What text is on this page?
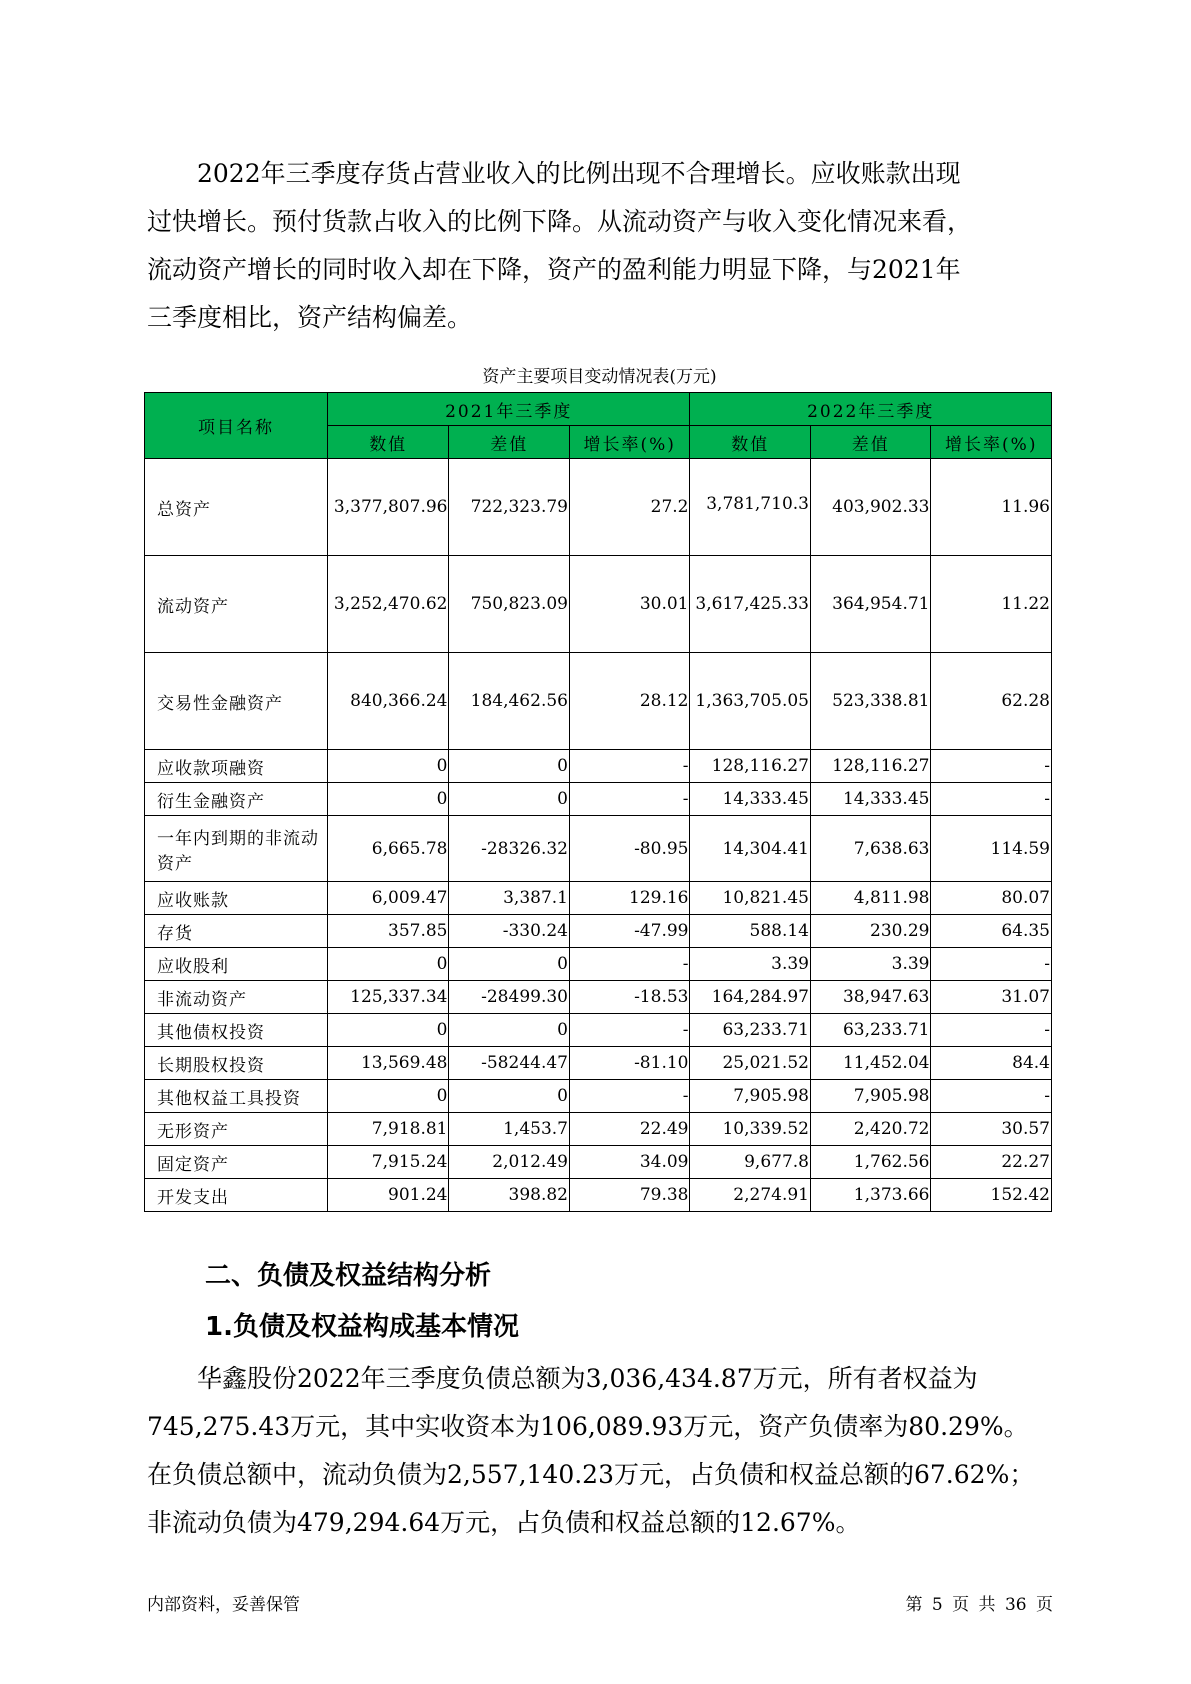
2022年三季度存货占营业收入的比例出现不合理增长。应收账款出现
过快增长。预付货款占收入的比例下降。从流动资产与收入变化情况来看，
流动资产增长的同时收入却在下降，资产的盈利能力明显下降，与2021年
三季度相比，资产结构偏差。

资产主要项目变动情况表(万元)
项目名称	2021年三季度			2022年三季度		
	数值	差值	增长率(%)	数值	差值	增长率(%)
总资产	3,377,807.96	722,323.79	27.2	3,781,710.3	403,902.33	11.96
流动资产	3,252,470.62	750,823.09	30.01	3,617,425.33	364,954.71	11.22
交易性金融资产	840,366.24	184,462.56	28.12	1,363,705.05	523,338.81	62.28
应收款项融资	0	0	-	128,116.27	128,116.27	-
衍生金融资产	0	0	-	14,333.45	14,333.45	-
一年内到期的非流动资产	6,665.78	-28326.32	-80.95	14,304.41	7,638.63	114.59
应收账款	6,009.47	3,387.1	129.16	10,821.45	4,811.98	80.07
存货	357.85	-330.24	-47.99	588.14	230.29	64.35
应收股利	0	0	-	3.39	3.39	-
非流动资产	125,337.34	-28499.30	-18.53	164,284.97	38,947.63	31.07
其他债权投资	0	0	-	63,233.71	63,233.71	-
长期股权投资	13,569.48	-58244.47	-81.10	25,021.52	11,452.04	84.4
其他权益工具投资	0	0	-	7,905.98	7,905.98	-
无形资产	7,918.81	1,453.7	22.49	10,339.52	2,420.72	30.57
固定资产	7,915.24	2,012.49	34.09	9,677.8	1,762.56	22.27
开发支出	901.24	398.82	79.38	2,274.91	1,373.66	152.42
二、负债及权益结构分析
1.负债及权益构成基本情况

华鑫股份2022年三季度负债总额为3,036,434.87万元，所有者权益为
745,275.43万元，其中实收资本为106,089.93万元，资产负债率为80.29%。
在负债总额中，流动负债为2,557,140.23万元，占负债和权益总额的67.62%；
非流动负债为479,294.64万元，占负债和权益总额的12.67%。

内部资料，妥善保管	第 5 页 共 36 页
